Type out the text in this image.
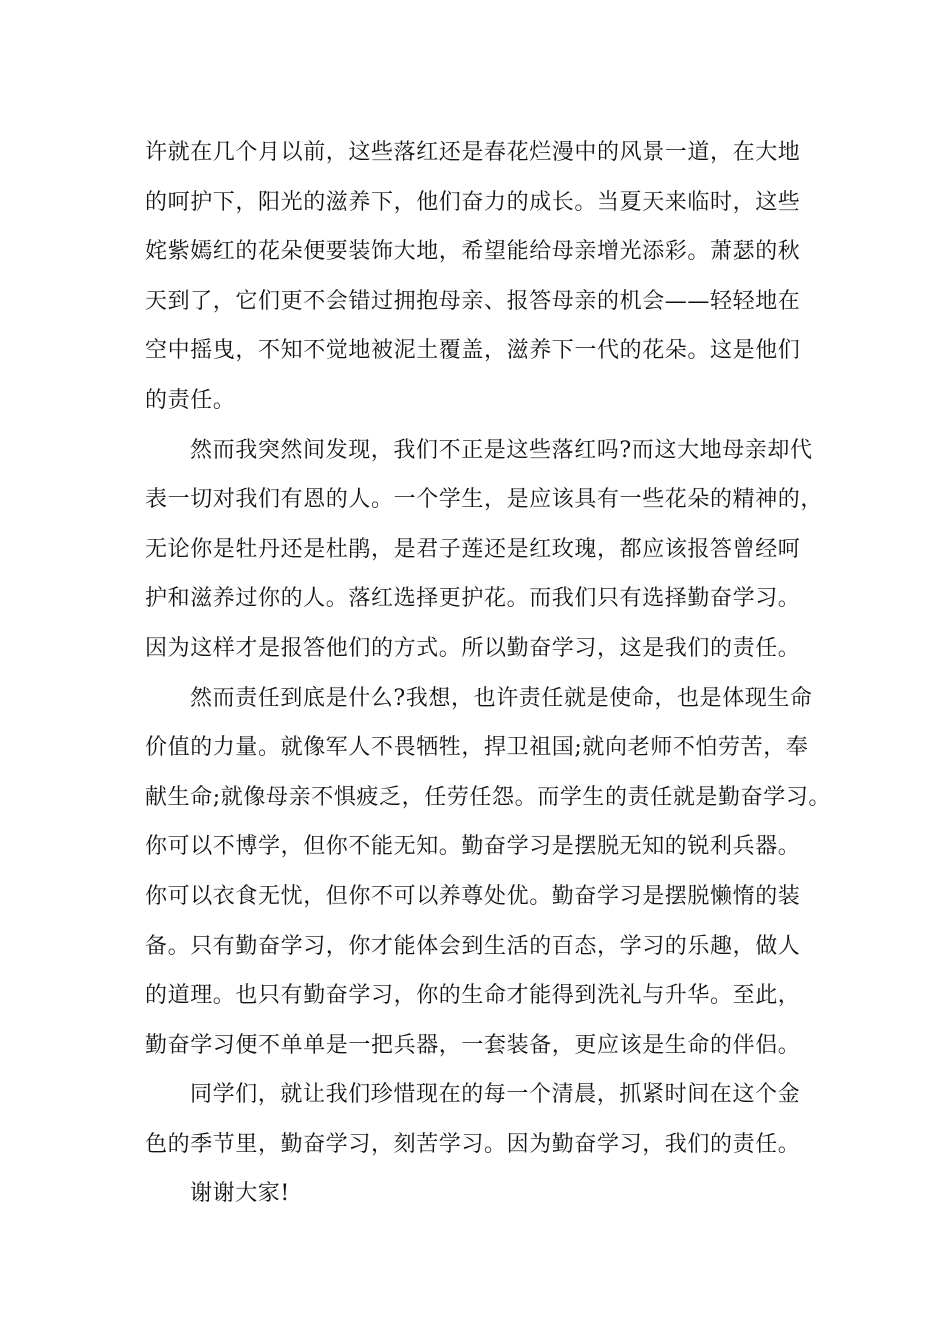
许就在几个月以前，这些落红还是春花烂漫中的风景一道，在大地
的呵护下，阳光的滋养下，他们奋力的成长。当夏天来临时，这些
姹紫嫣红的花朵便要装饰大地，希望能给母亲增光添彩。萧瑟的秋
天到了，它们更不会错过拥抱母亲、报答母亲的机会——轻轻地在
空中摇曳，不知不觉地被泥土覆盖，滋养下一代的花朵。这是他们
的责任。
然而我突然间发现，我们不正是这些落红吗?而这大地母亲却代
表一切对我们有恩的人。一个学生，是应该具有一些花朵的精神的，
无论你是牡丹还是杜鹃，是君子莲还是红玫瑰，都应该报答曾经呵
护和滋养过你的人。落红选择更护花。而我们只有选择勤奋学习。
因为这样才是报答他们的方式。所以勤奋学习，这是我们的责任。
然而责任到底是什么?我想，也许责任就是使命，也是体现生命
价值的力量。就像军人不畏牺牲，捍卫祖国;就向老师不怕劳苦，奉
献生命;就像母亲不惧疲乏，任劳任怨。而学生的责任就是勤奋学习。
你可以不博学，但你不能无知。勤奋学习是摆脱无知的锐利兵器。
你可以衣食无忧，但你不可以养尊处优。勤奋学习是摆脱懒惰的装
备。只有勤奋学习，你才能体会到生活的百态，学习的乐趣，做人
的道理。也只有勤奋学习，你的生命才能得到洗礼与升华。至此，
勤奋学习便不单单是一把兵器，一套装备，更应该是生命的伴侣。
同学们，就让我们珍惜现在的每一个清晨，抓紧时间在这个金
色的季节里，勤奋学习，刻苦学习。因为勤奋学习，我们的责任。
谢谢大家!
